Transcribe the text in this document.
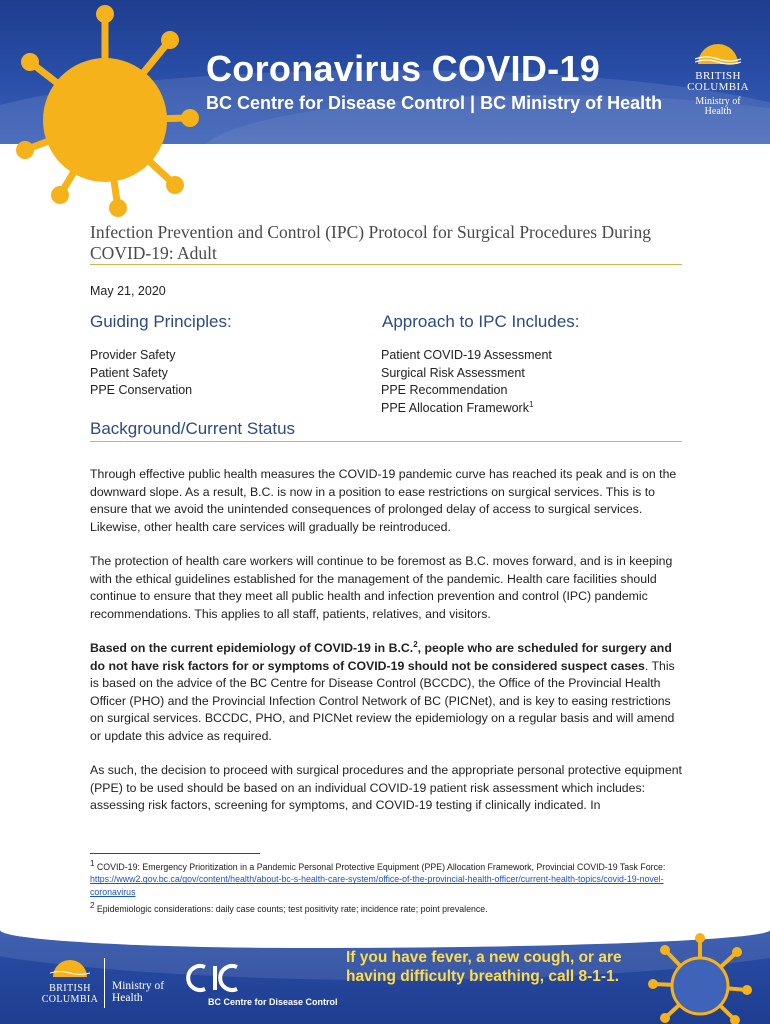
Coronavirus COVID-19
BC Centre for Disease Control | BC Ministry of Health
BRITISH
COLUMBIA
Ministry of
Health
Infection Prevention and Control (IPC) Protocol for Surgical Procedures During COVID-19: Adult
May 21, 2020
Guiding Principles:
Provider Safety
Patient Safety
PPE Conservation
Approach to IPC Includes:
Patient COVID-19 Assessment
Surgical Risk Assessment
PPE Recommendation
PPE Allocation Framework$^1$
Background/Current Status
Through effective public health measures the COVID-19 pandemic curve has reached its peak and is on the downward slope. As a result, B.C. is now in a position to ease restrictions on surgical services. This is to ensure that we avoid the unintended consequences of prolonged delay of access to surgical services. Likewise, other health care services will gradually be reintroduced.
The protection of health care workers will continue to be foremost as B.C. moves forward, and is in keeping with the ethical guidelines established for the management of the pandemic. Health care facilities should continue to ensure that they meet all public health and infection prevention and control (IPC) pandemic recommendations. This applies to all staff, patients, relatives, and visitors.
Based on the current epidemiology of COVID-19 in B.C.$^2$, people who are scheduled for surgery and do not have risk factors for or symptoms of COVID-19 should not be considered suspect cases. This is based on the advice of the BC Centre for Disease Control (BCCDC), the Office of the Provincial Health Officer (PHO) and the Provincial Infection Control Network of BC (PICNet), and is key to easing restrictions on surgical services. BCCDC, PHO, and PICNet review the epidemiology on a regular basis and will amend or update this advice as required.
As such, the decision to proceed with surgical procedures and the appropriate personal protective equipment (PPE) to be used should be based on an individual COVID-19 patient risk assessment which includes: assessing risk factors, screening for symptoms, and COVID-19 testing if clinically indicated. In
$^1$ COVID-19: Emergency Prioritization in a Pandemic Personal Protective Equipment (PPE) Allocation Framework, Provincial COVID-19 Task Force: https://www2.gov.bc.ca/gov/content/health/about-bc-s-health-care-system/office-of-the-provincial-health-officer/current-health-topics/covid-19-novel-coronavirus
$^2$ Epidemiologic considerations: daily case counts; test positivity rate; incidence rate; point prevalence.
If you have fever, a new cough, or are
having difficulty breathing, call 8-1-1.
BRITISH
COLUMBIA
Ministry of
Health	BC Centre for Disease Control
